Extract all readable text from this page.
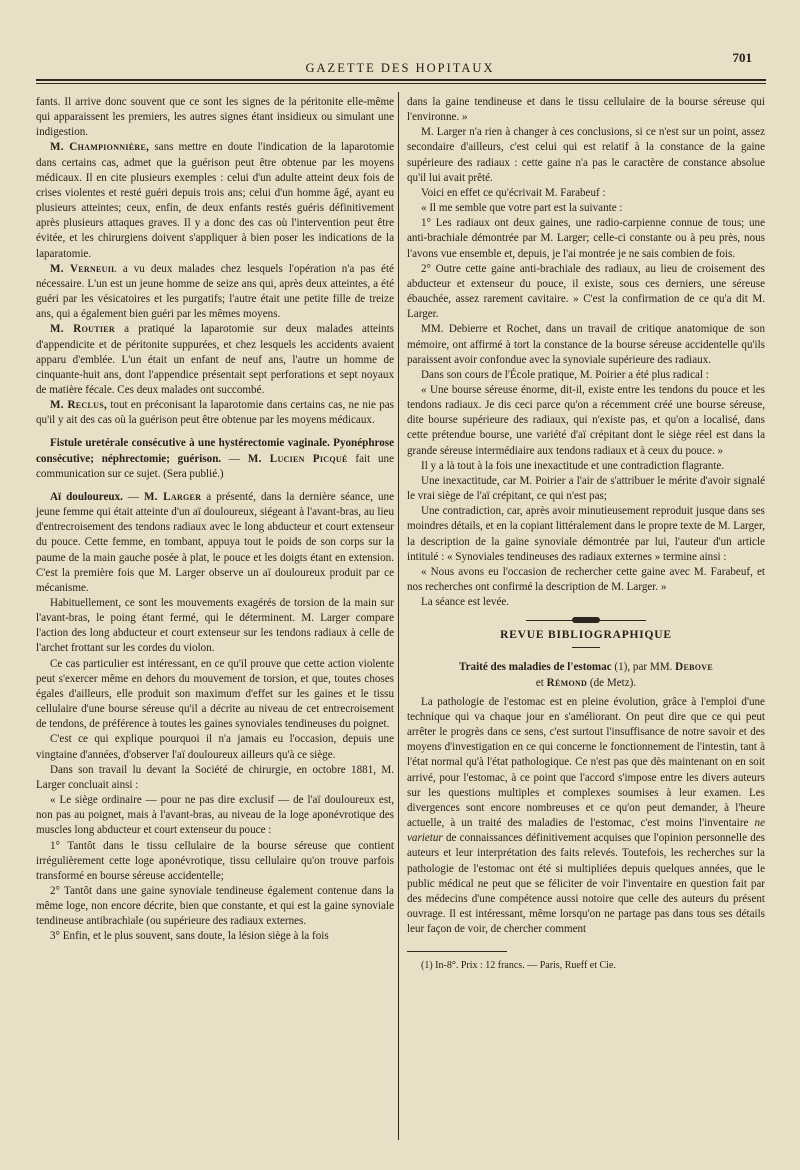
701
GAZETTE DES HOPITAUX

fants. Il arrive donc souvent que ce sont les signes de la péritonite elle-même qui apparaissent les premiers, les autres signes étant insidieux ou simulant une indigestion.

M. Championnière, sans mettre en doute l'indication de la laparotomie dans certains cas, admet que la guérison peut être obtenue par les moyens médicaux. Il en cite plusieurs exemples : celui d'un adulte atteint deux fois de crises violentes et resté guéri depuis trois ans; celui d'un homme âgé, ayant eu plusieurs atteintes; ceux, enfin, de deux enfants restés guéris définitivement après plusieurs attaques graves. Il y a donc des cas où l'intervention peut être évitée, et les chirurgiens doivent s'appliquer à bien poser les indications de la laparatomie.

M. Verneuil a vu deux malades chez lesquels l'opération n'a pas été nécessaire. L'un est un jeune homme de seize ans qui, après deux atteintes, a été guéri par les vésicatoires et les purgatifs; l'autre était une petite fille de treize ans, qui a également bien guéri par les mêmes moyens.

M. Routier a pratiqué la laparotomie sur deux malades atteints d'appendicite et de péritonite suppurées, et chez lesquels les accidents avaient apparu d'emblée. L'un était un enfant de neuf ans, l'autre un homme de cinquante-huit ans, dont l'appendice présentait sept perforations et sept noyaux de matière fécale. Ces deux malades ont succombé.

M. Reclus, tout en préconisant la laparotomie dans certains cas, ne nie pas qu'il y ait des cas où la guérison peut être obtenue par les moyens médicaux.

Fistule uretérale consécutive à une hystérectomie vaginale. Pyonéphrose consécutive; néphrectomie; guérison. — M. Lucien Picqué fait une communication sur ce sujet. (Sera publié.)

Aï douloureux. — M. Larger a présenté, dans la dernière séance, une jeune femme qui était atteinte d'un aï douloureux, siégeant à l'avant-bras, au lieu d'entrecroisement des tendons radiaux avec le long abducteur et court extenseur du pouce. Cette femme, en tombant, appuya tout le poids de son corps sur la paume de la main gauche posée à plat, le pouce et les doigts étant en extension. C'est la première fois que M. Larger observe un aï douloureux produit par ce mécanisme.

Habituellement, ce sont les mouvements exagérés de torsion de la main sur l'avant-bras, le poing étant fermé, qui le déterminent. M. Larger compare l'action des long abducteur et court extenseur sur les tendons radiaux à celle de l'archet frottant sur les cordes du violon.

Ce cas particulier est intéressant, en ce qu'il prouve que cette action violente peut s'exercer même en dehors du mouvement de torsion, et que, toutes choses égales d'ailleurs, elle produit son maximum d'effet sur les gaines et le tissu cellulaire d'une bourse séreuse qu'il a décrite au niveau de cet entrecroisement de tendons, de préférence à toutes les gaines synoviales tendineuses du poignet.

C'est ce qui explique pourquoi il n'a jamais eu l'occasion, depuis une vingtaine d'années, d'observer l'aï douloureux ailleurs qu'à ce siège.

Dans son travail lu devant la Société de chirurgie, en octobre 1881, M. Larger concluait ainsi :

« Le siège ordinaire — pour ne pas dire exclusif — de l'aï douloureux est, non pas au poignet, mais à l'avant-bras, au niveau de la loge aponévrotique des muscles long abducteur et court extenseur du pouce :

1° Tantôt dans le tissu cellulaire de la bourse séreuse que contient irrégulièrement cette loge aponévrotique, tissu cellulaire qu'on trouve parfois transformé en bourse séreuse accidentelle;

2° Tantôt dans une gaine synoviale tendineuse également contenue dans la même loge, non encore décrite, bien que constante, et qui est la gaine synoviale tendineuse antibrachiale (ou supérieure des radiaux externes.

3° Enfin, et le plus souvent, sans doute, la lésion siège à la fois

dans la gaine tendineuse et dans le tissu cellulaire de la bourse séreuse qui l'environne. »

M. Larger n'a rien à changer à ces conclusions, si ce n'est sur un point, assez secondaire d'ailleurs, c'est celui qui est relatif à la constance de la gaine supérieure des radiaux : cette gaine n'a pas le caractère de constance absolue qu'il lui avait prêté.

Voici en effet ce qu'écrivait M. Farabeuf :

« Il me semble que votre part est la suivante :

1° Les radiaux ont deux gaines, une radio-carpienne connue de tous; une anti-brachiale démontrée par M. Larger; celle-ci constante ou à peu près, nous l'avons vue ensemble et, depuis, je l'ai montrée je ne sais combien de fois.

2° Outre cette gaine anti-brachiale des radiaux, au lieu de croisement des abducteur et extenseur du pouce, il existe, sous ces derniers, une séreuse ébauchée, assez rarement cavitaire. » C'est la confirmation de ce qu'a dit M. Larger.

MM. Debierre et Rochet, dans un travail de critique anatomique de son mémoire, ont affirmé à tort la constance de la bourse séreuse accidentelle qu'ils paraissent avoir confondue avec la synoviale supérieure des radiaux.

Dans son cours de l'École pratique, M. Poirier a été plus radical :

« Une bourse séreuse énorme, dit-il, existe entre les tendons du pouce et les tendons radiaux. Je dis ceci parce qu'on a récemment créé une bourse séreuse, dite bourse supérieure des radiaux, qui n'existe pas, et qu'on a localisé, dans cette prétendue bourse, une variété d'aï crépitant dont le siège réel est dans la grande séreuse intermédiaire aux tendons radiaux et à ceux du pouce. »

Il y a là tout à la fois une inexactitude et une contradiction flagrante.

Une inexactitude, car M. Poirier a l'air de s'attribuer le mérite d'avoir signalé le vrai siège de l'aï crépitant, ce qui n'est pas;

Une contradiction, car, après avoir minutieusement reproduit jusque dans ses moindres détails, et en la copiant littéralement dans le propre texte de M. Larger, la description de la gaine synoviale démontrée par lui, l'auteur d'un article intitulé : « Synoviales tendineuses des radiaux externes » termine ainsi :

« Nous avons eu l'occasion de rechercher cette gaine avec M. Farabeuf, et nos recherches ont confirmé la description de M. Larger. »

La séance est levée.

REVUE BIBLIOGRAPHIQUE

Traité des maladies de l'estomac (1), par MM. Debove
et Rémond (de Metz).

La pathologie de l'estomac est en pleine évolution, grâce à l'emploi d'une technique qui va chaque jour en s'améliorant. On peut dire que ce qui peut arrêter le progrès dans ce sens, c'est surtout l'insuffisance de notre savoir et des moyens d'investigation en ce qui concerne le fonctionnement de l'intestin, tant à l'état normal qu'à l'état pathologique. Ce n'est pas que dès maintenant on en soit arrivé, pour l'estomac, à ce point que l'accord s'impose entre les divers auteurs sur les questions multiples et complexes soumises à leur examen. Les divergences sont encore nombreuses et ce qu'on peut demander, à l'heure actuelle, à un traité des maladies de l'estomac, c'est moins l'inventaire ne varietur de connaissances définitivement acquises que l'opinion personnelle des auteurs et leur interprétation des faits relevés. Toutefois, les recherches sur la pathologie de l'estomac ont été si multipliées depuis quelques années, que le public médical ne peut que se féliciter de voir l'inventaire en question fait par des médecins d'une compétence aussi notoire que celle des auteurs du présent ouvrage. Il est intéressant, même lorsqu'on ne partage pas dans tous ses détails leur façon de voir, de chercher comment

(1) In-8°. Prix : 12 francs. — Paris, Rueff et Cie.
